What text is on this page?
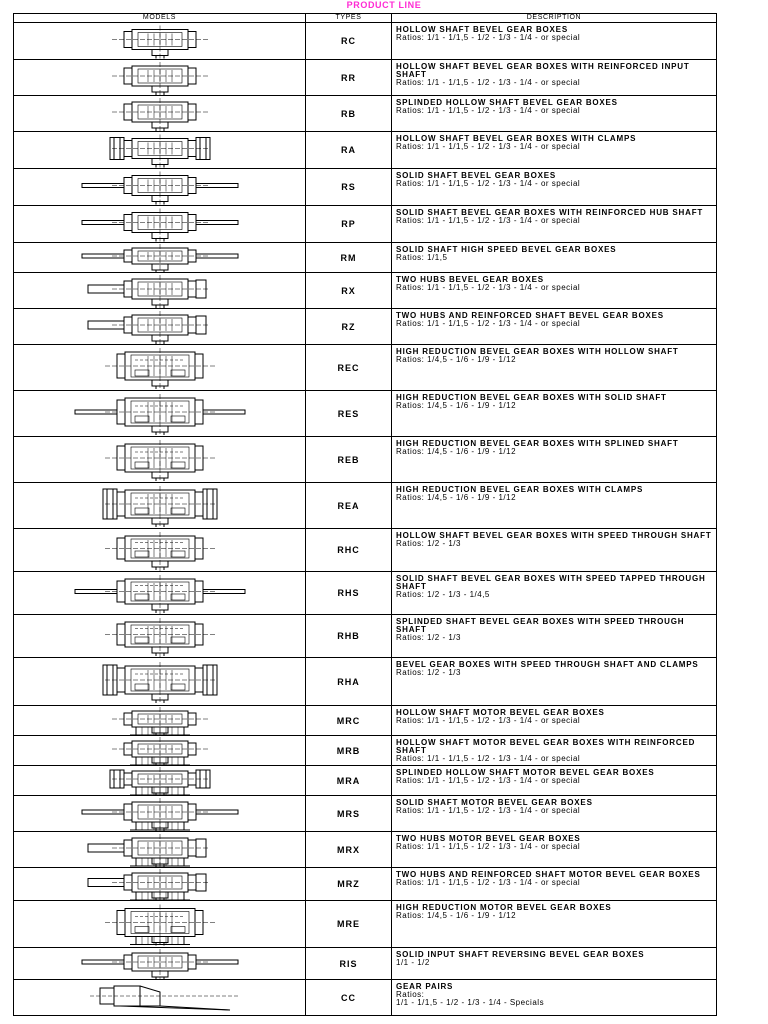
PRODUCT LINE
MODELS	TYPES	DESCRIPTION

	RC	HOLLOW SHAFT BEVEL GEAR BOXES
Ratios: 1/1 - 1/1,5 - 1/2 - 1/3 - 1/4 - or special

	RR	HOLLOW SHAFT BEVEL GEAR BOXES WITH REINFORCED INPUT SHAFT
Ratios: 1/1 - 1/1,5 - 1/2 - 1/3 - 1/4 - or special

	RB	SPLINDED HOLLOW SHAFT BEVEL GEAR BOXES
Ratios: 1/1 - 1/1,5 - 1/2 - 1/3 - 1/4 - or special

	RA	HOLLOW SHAFT BEVEL GEAR BOXES WITH CLAMPS
Ratios: 1/1 - 1/1,5 - 1/2 - 1/3 - 1/4 - or special

	RS	SOLID SHAFT BEVEL GEAR BOXES
Ratios: 1/1 - 1/1,5 - 1/2 - 1/3 - 1/4 - or special

	RP	SOLID SHAFT BEVEL GEAR BOXES WITH REINFORCED HUB SHAFT
Ratios: 1/1 - 1/1,5 - 1/2 - 1/3 - 1/4 - or special

	RM	SOLID SHAFT HIGH SPEED BEVEL GEAR BOXES
Ratios: 1/1,5

	RX	TWO HUBS BEVEL GEAR BOXES
Ratios: 1/1 - 1/1,5 - 1/2 - 1/3 - 1/4 - or special

	RZ	TWO HUBS AND REINFORCED SHAFT BEVEL GEAR BOXES
Ratios: 1/1 - 1/1,5 - 1/2 - 1/3 - 1/4 - or special

	REC	HIGH REDUCTION BEVEL GEAR BOXES WITH HOLLOW SHAFT
Ratios: 1/4,5 - 1/6 - 1/9 - 1/12

	RES	HIGH REDUCTION BEVEL GEAR BOXES WITH SOLID SHAFT
Ratios: 1/4,5 - 1/6 - 1/9 - 1/12

	REB	HIGH REDUCTION BEVEL GEAR BOXES WITH SPLINED SHAFT
Ratios: 1/4,5 - 1/6 - 1/9 - 1/12

	REA	HIGH REDUCTION BEVEL GEAR BOXES WITH CLAMPS
Ratios: 1/4,5 - 1/6 - 1/9 - 1/12

	RHC	HOLLOW SHAFT BEVEL GEAR BOXES WITH SPEED THROUGH SHAFT
Ratios: 1/2 - 1/3

	RHS	SOLID SHAFT BEVEL GEAR BOXES WITH SPEED TAPPED THROUGH SHAFT
Ratios: 1/2 - 1/3 - 1/4,5

	RHB	SPLINDED SHAFT BEVEL GEAR BOXES WITH SPEED THROUGH SHAFT
Ratios: 1/2 - 1/3

	RHA	BEVEL GEAR BOXES WITH SPEED THROUGH SHAFT AND CLAMPS
Ratios: 1/2 - 1/3

	MRC	HOLLOW SHAFT MOTOR BEVEL GEAR BOXES
Ratios: 1/1 - 1/1,5 - 1/2 - 1/3 - 1/4 - or special

	MRB	HOLLOW SHAFT MOTOR BEVEL GEAR BOXES WITH REINFORCED SHAFT
Ratios: 1/1 - 1/1,5 - 1/2 - 1/3 - 1/4 - or special

	MRA	SPLINDED HOLLOW SHAFT MOTOR BEVEL GEAR BOXES
Ratios: 1/1 - 1/1,5 - 1/2 - 1/3 - 1/4 - or special

	MRS	SOLID SHAFT MOTOR BEVEL GEAR BOXES
Ratios: 1/1 - 1/1,5 - 1/2 - 1/3 - 1/4 - or special

	MRX	TWO HUBS MOTOR BEVEL GEAR BOXES
Ratios: 1/1 - 1/1,5 - 1/2 - 1/3 - 1/4 - or special

	MRZ	TWO HUBS AND REINFORCED SHAFT MOTOR BEVEL GEAR BOXES
Ratios: 1/1 - 1/1,5 - 1/2 - 1/3 - 1/4 - or special

	MRE	HIGH REDUCTION MOTOR BEVEL GEAR BOXES
Ratios: 1/4,5 - 1/6 - 1/9 - 1/12

	RIS	SOLID INPUT SHAFT REVERSING BEVEL GEAR BOXES
1/1 - 1/2

	CC	GEAR PAIRS
Ratios:
1/1 - 1/1,5 - 1/2 - 1/3 - 1/4 - Specials
